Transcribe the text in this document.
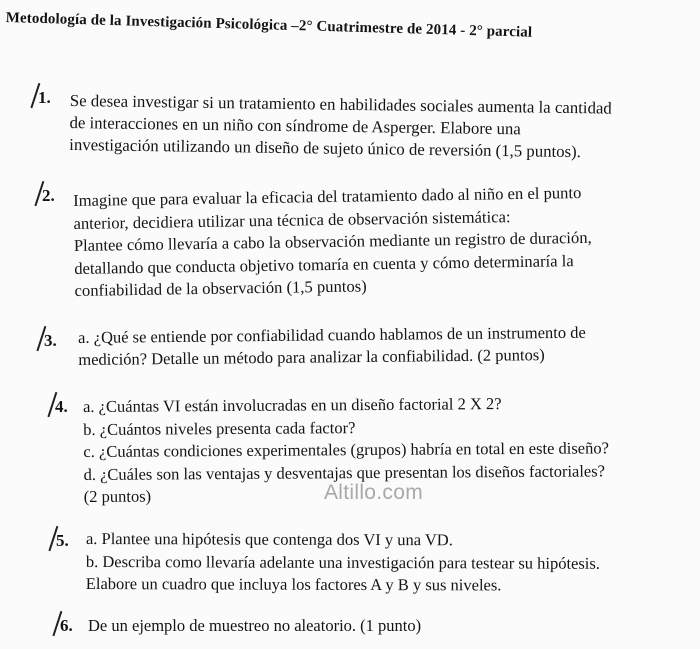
Metodología de la Investigación Psicológica –2° Cuatrimestre de 2014 - 2° parcial
1. Se desea investigar si un tratamiento en habilidades sociales aumenta la cantidad

de interacciones en un niño con síndrome de Asperger. Elabore una

investigación utilizando un diseño de sujeto único de reversión (1,5 puntos).

2. Imagine que para evaluar la eficacia del tratamiento dado al niño en el punto

anterior, decidiera utilizar una técnica de observación sistemática:

Plantee cómo llevaría a cabo la observación mediante un registro de duración,

detallando que conducta objetivo tomaría en cuenta y cómo determinaría la

confiabilidad de la observación (1,5 puntos)

3. a. ¿Qué se entiende por confiabilidad cuando hablamos de un instrumento de

medición? Detalle un método para analizar la confiabilidad. (2 puntos)

4. a. ¿Cuántas VI están involucradas en un diseño factorial 2 X 2?

b. ¿Cuántos niveles presenta cada factor?

c. ¿Cuántas condiciones experimentales (grupos) habría en total en este diseño?

d. ¿Cuáles son las ventajas y desventajas que presentan los diseños factoriales?

(2 puntos)	Altillo.com
5. a. Plantee una hipótesis que contenga dos VI y una VD.

b. Describa como llevaría adelante una investigación para testear su hipótesis.

Elabore un cuadro que incluya los factores A y B y sus niveles.

6. De un ejemplo de muestreo no aleatorio. (1 punto)
